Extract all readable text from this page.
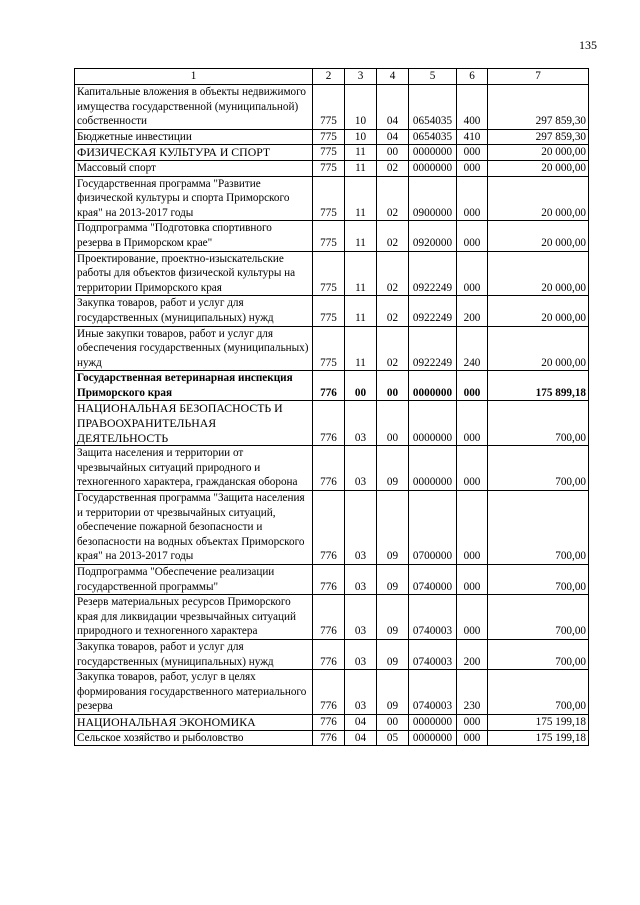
135
1	2	3	4	5	6	7
Капитальные вложения в объекты недвижимого имущества государственной (муниципальной) собственности	775	10	04	0654035	400	297 859,30
Бюджетные инвестиции	775	10	04	0654035	410	297 859,30
ФИЗИЧЕСКАЯ КУЛЬТУРА И СПОРТ	775	11	00	0000000	000	20 000,00
Массовый спорт	775	11	02	0000000	000	20 000,00
Государственная программа "Развитие физической культуры и спорта Приморского края" на 2013-2017 годы	775	11	02	0900000	000	20 000,00
Подпрограмма "Подготовка спортивного резерва в Приморском крае"	775	11	02	0920000	000	20 000,00
Проектирование, проектно-изыскательские работы для объектов физической культуры на территории Приморского края	775	11	02	0922249	000	20 000,00
Закупка товаров, работ и услуг для государственных (муниципальных) нужд	775	11	02	0922249	200	20 000,00
Иные закупки товаров, работ и услуг для обеспечения государственных (муниципальных) нужд	775	11	02	0922249	240	20 000,00
Государственная ветеринарная инспекция Приморского края	776	00	00	0000000	000	175 899,18
НАЦИОНАЛЬНАЯ БЕЗОПАСНОСТЬ И ПРАВООХРАНИТЕЛЬНАЯ ДЕЯТЕЛЬНОСТЬ	776	03	00	0000000	000	700,00
Защита населения и территории от чрезвычайных ситуаций природного и техногенного характера, гражданская оборона	776	03	09	0000000	000	700,00
Государственная программа "Защита населения и территории от чрезвычайных ситуаций, обеспечение пожарной безопасности и безопасности на водных объектах Приморского края" на 2013-2017 годы	776	03	09	0700000	000	700,00
Подпрограмма "Обеспечение реализации государственной программы"	776	03	09	0740000	000	700,00
Резерв материальных ресурсов Приморского края для ликвидации чрезвычайных ситуаций природного и техногенного характера	776	03	09	0740003	000	700,00
Закупка товаров, работ и услуг для государственных (муниципальных) нужд	776	03	09	0740003	200	700,00
Закупка товаров, работ, услуг в целях формирования государственного материального резерва	776	03	09	0740003	230	700,00
НАЦИОНАЛЬНАЯ ЭКОНОМИКА	776	04	00	0000000	000	175 199,18
Сельское хозяйство и рыболовство	776	04	05	0000000	000	175 199,18
